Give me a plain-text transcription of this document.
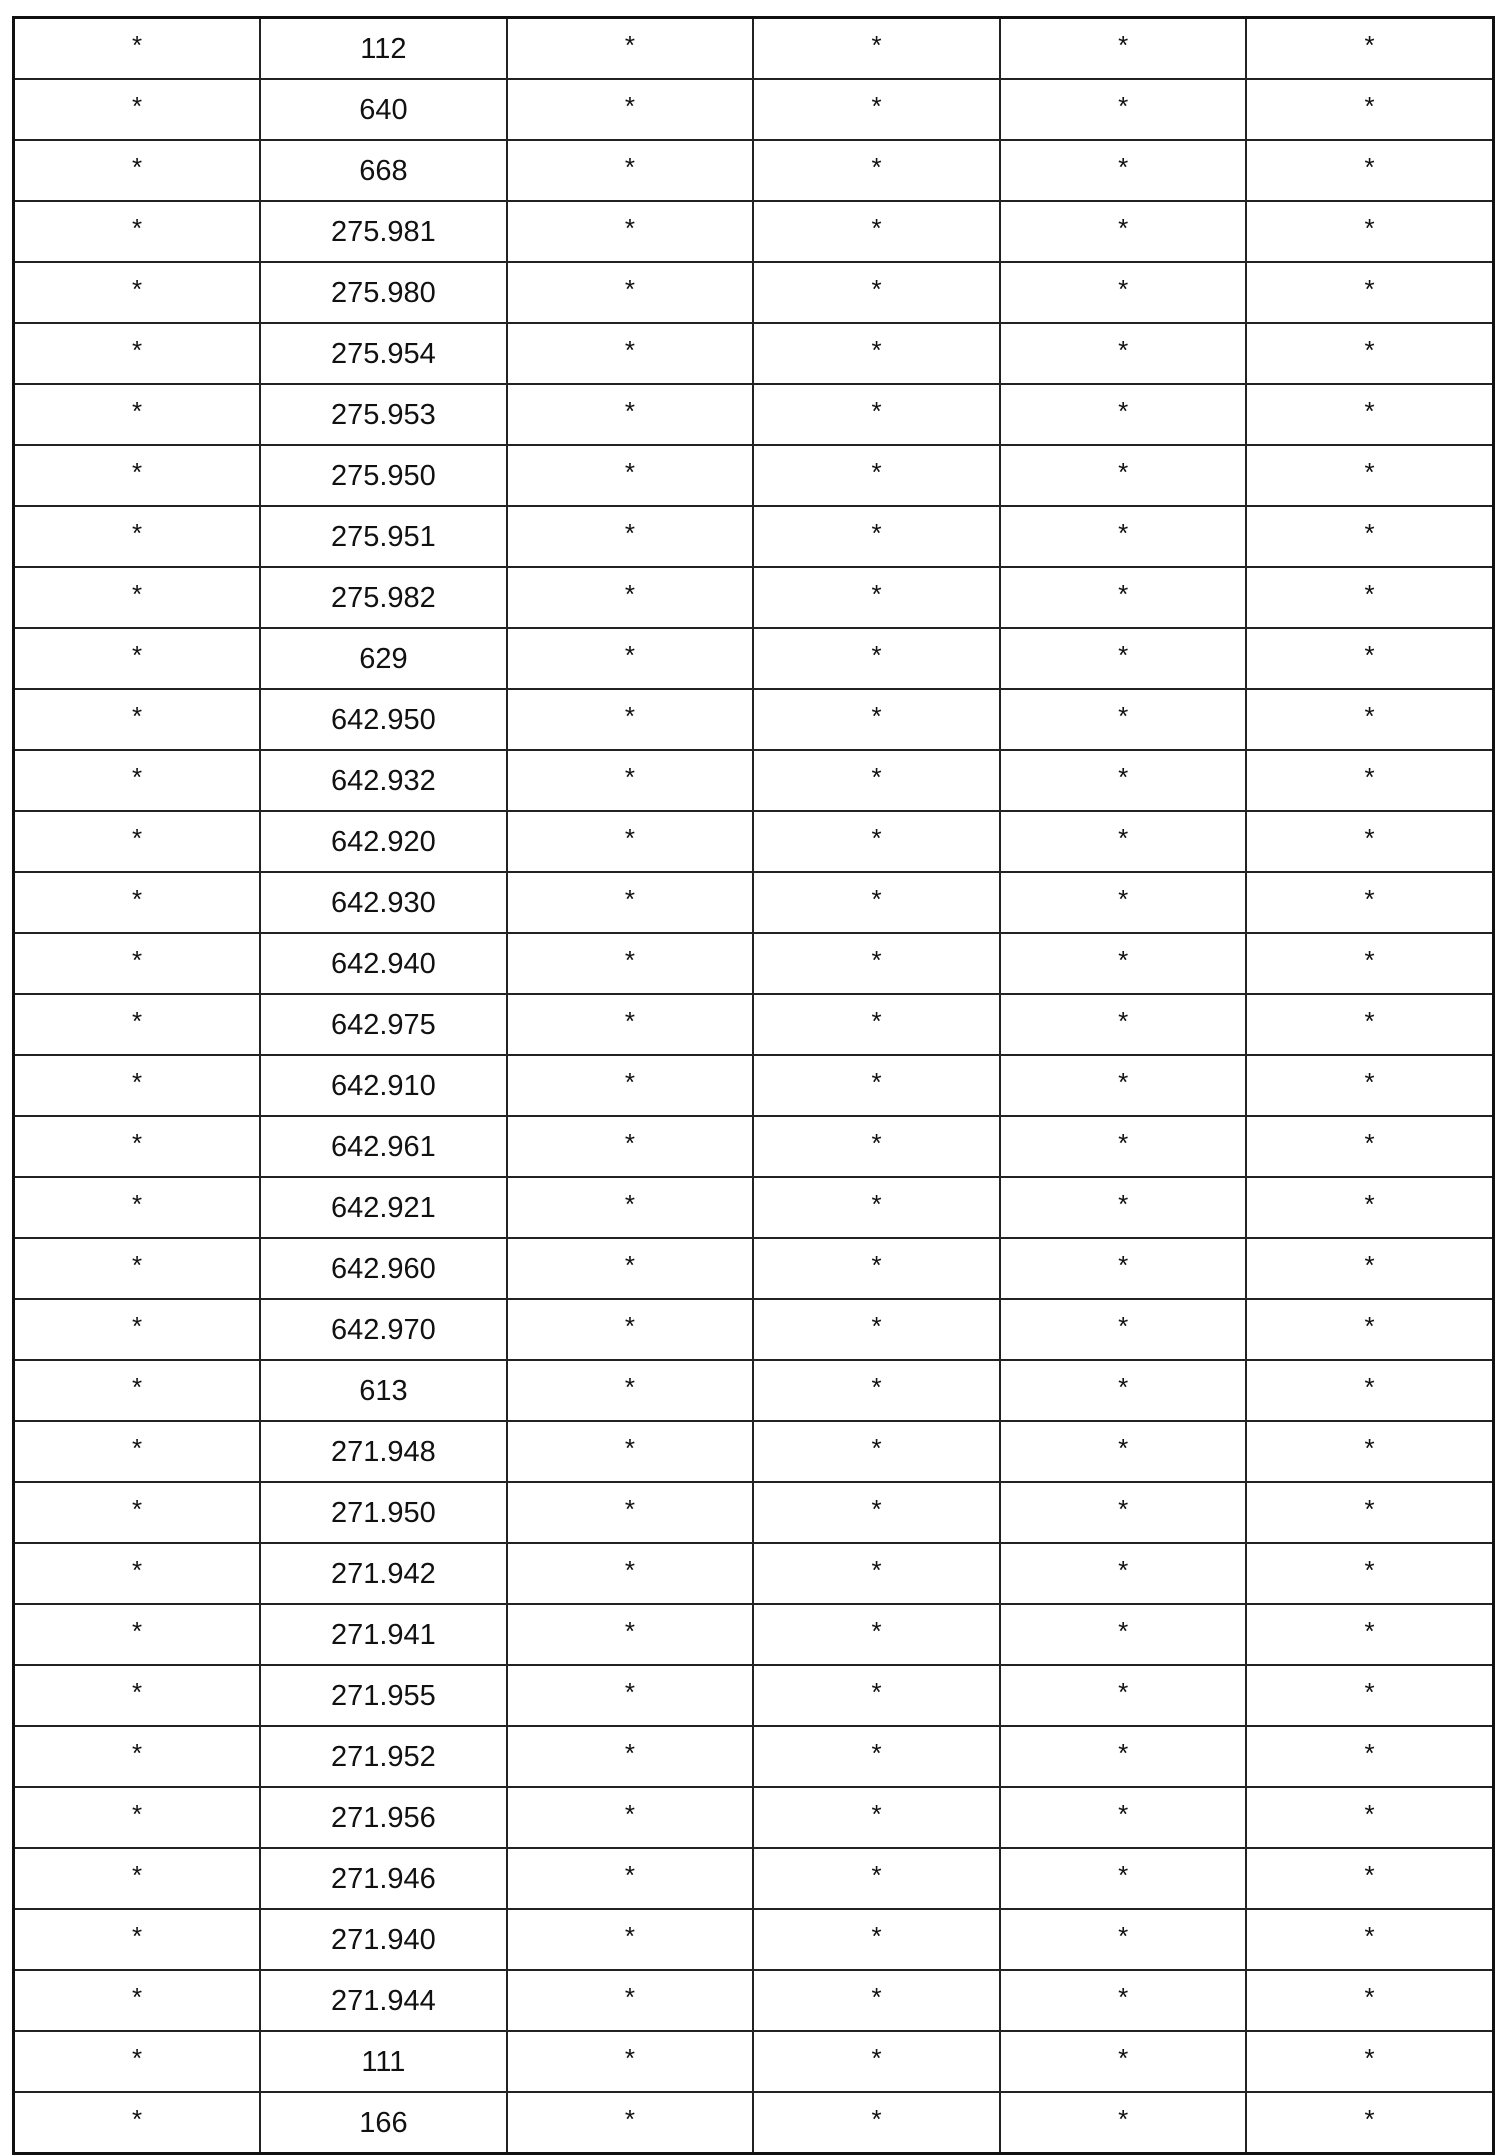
*	112	*	*	*	*
*	640	*	*	*	*
*	668	*	*	*	*
*	275.981	*	*	*	*
*	275.980	*	*	*	*
*	275.954	*	*	*	*
*	275.953	*	*	*	*
*	275.950	*	*	*	*
*	275.951	*	*	*	*
*	275.982	*	*	*	*
*	629	*	*	*	*
*	642.950	*	*	*	*
*	642.932	*	*	*	*
*	642.920	*	*	*	*
*	642.930	*	*	*	*
*	642.940	*	*	*	*
*	642.975	*	*	*	*
*	642.910	*	*	*	*
*	642.961	*	*	*	*
*	642.921	*	*	*	*
*	642.960	*	*	*	*
*	642.970	*	*	*	*
*	613	*	*	*	*
*	271.948	*	*	*	*
*	271.950	*	*	*	*
*	271.942	*	*	*	*
*	271.941	*	*	*	*
*	271.955	*	*	*	*
*	271.952	*	*	*	*
*	271.956	*	*	*	*
*	271.946	*	*	*	*
*	271.940	*	*	*	*
*	271.944	*	*	*	*
*	111	*	*	*	*
*	166	*	*	*	*
